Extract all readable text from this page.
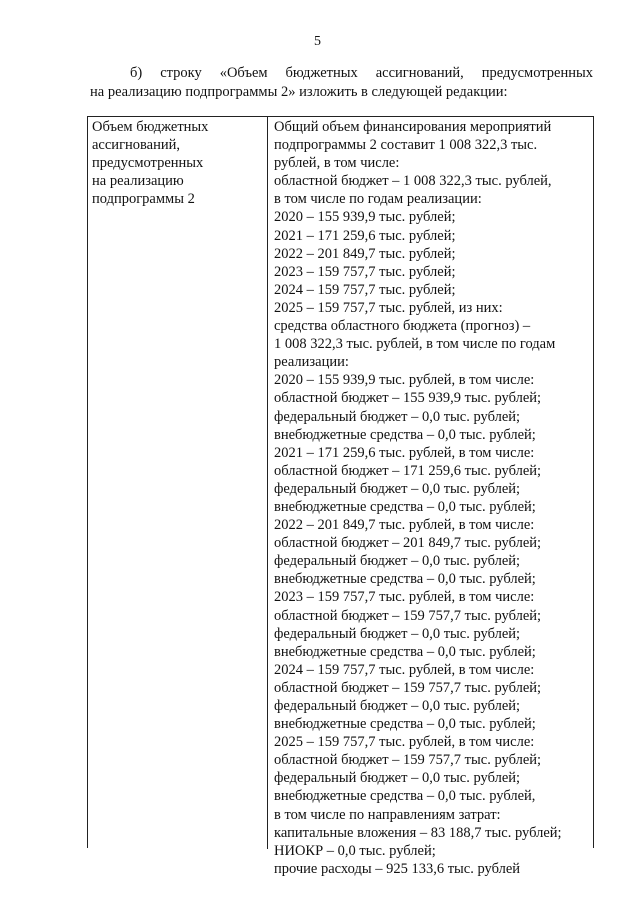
5
б) строку «Объем бюджетных ассигнований, предусмотренных
на реализацию подпрограммы 2» изложить в следующей редакции:
Объем бюджетных
ассигнований,
предусмотренных
на реализацию
подпрограммы 2
Общий объем финансирования мероприятий
подпрограммы 2 составит 1 008 322,3 тыс.
рублей, в том числе:
областной бюджет – 1 008 322,3 тыс. рублей,
в том числе по годам реализации:
2020 – 155 939,9 тыс. рублей;
2021 – 171 259,6 тыс. рублей;
2022 – 201 849,7 тыс. рублей;
2023 – 159 757,7 тыс. рублей;
2024 – 159 757,7 тыс. рублей;
2025 – 159 757,7 тыс. рублей, из них:
средства областного бюджета (прогноз) –
1 008 322,3 тыс. рублей, в том числе по годам
реализации:
2020 – 155 939,9 тыс. рублей, в том числе:
областной бюджет – 155 939,9 тыс. рублей;
федеральный бюджет – 0,0 тыс. рублей;
внебюджетные средства – 0,0 тыс. рублей;
2021 – 171 259,6 тыс. рублей, в том числе:
областной бюджет – 171 259,6 тыс. рублей;
федеральный бюджет – 0,0 тыс. рублей;
внебюджетные средства – 0,0 тыс. рублей;
2022 – 201 849,7 тыс. рублей, в том числе:
областной бюджет – 201 849,7 тыс. рублей;
федеральный бюджет – 0,0 тыс. рублей;
внебюджетные средства – 0,0 тыс. рублей;
2023 – 159 757,7 тыс. рублей, в том числе:
областной бюджет – 159 757,7 тыс. рублей;
федеральный бюджет – 0,0 тыс. рублей;
внебюджетные средства – 0,0 тыс. рублей;
2024 – 159 757,7 тыс. рублей, в том числе:
областной бюджет – 159 757,7 тыс. рублей;
федеральный бюджет – 0,0 тыс. рублей;
внебюджетные средства – 0,0 тыс. рублей;
2025 – 159 757,7 тыс. рублей, в том числе:
областной бюджет – 159 757,7 тыс. рублей;
федеральный бюджет – 0,0 тыс. рублей;
внебюджетные средства – 0,0 тыс. рублей,
в том числе по направлениям затрат:
капитальные вложения – 83 188,7 тыс. рублей;
НИОКР – 0,0 тыс. рублей;
прочие расходы – 925 133,6 тыс. рублей
